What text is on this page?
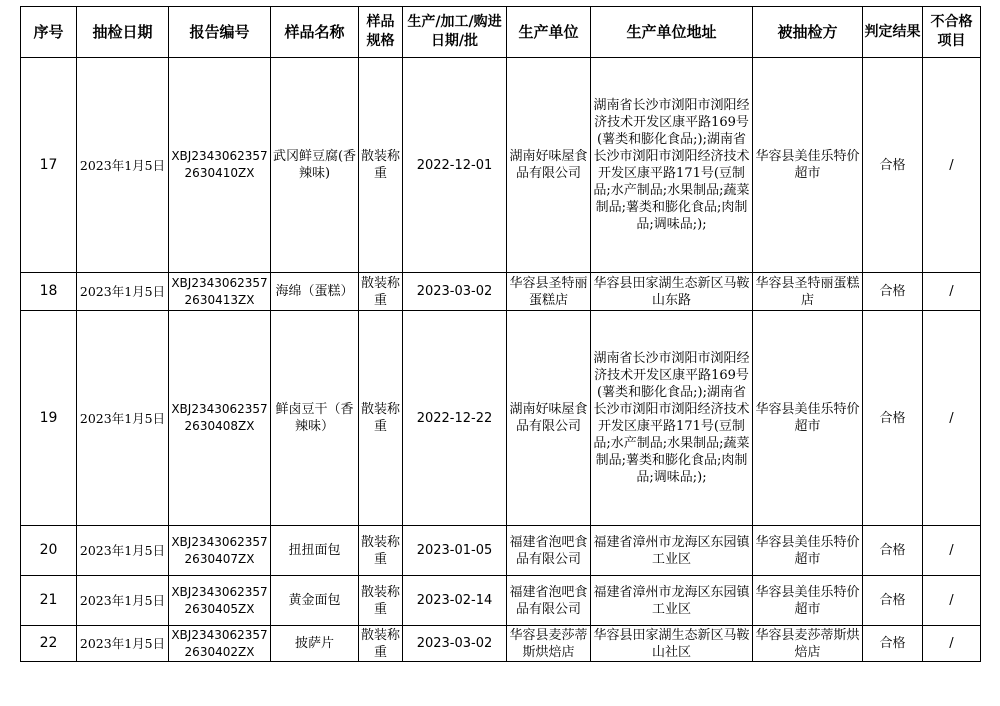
序号	抽检日期	报告编号	样品名称	样品规格	生产/加工/购进日期/批	生产单位	生产单位地址	被抽检方	判定结果	不合格项目
17	2023年1月5日	XBJ23430623572630410ZX	武冈鲜豆腐(香辣味)	散装称重	2022-12-01	湖南好味屋食品有限公司	湖南省长沙市浏阳市浏阳经济技术开发区康平路169号(薯类和膨化食品;);湖南省长沙市浏阳市浏阳经济技术开发区康平路171号(豆制品;水产制品;水果制品;蔬菜制品;薯类和膨化食品;肉制品;调味品;);	华容县美佳乐特价超市	合格	/
18	2023年1月5日	XBJ23430623572630413ZX	海绵（蛋糕）	散装称重	2023-03-02	华容县圣特丽蛋糕店	华容县田家湖生态新区马鞍山东路	华容县圣特丽蛋糕店	合格	/
19	2023年1月5日	XBJ23430623572630408ZX	鲜卤豆干（香辣味）	散装称重	2022-12-22	湖南好味屋食品有限公司	湖南省长沙市浏阳市浏阳经济技术开发区康平路169号(薯类和膨化食品;);湖南省长沙市浏阳市浏阳经济技术开发区康平路171号(豆制品;水产制品;水果制品;蔬菜制品;薯类和膨化食品;肉制品;调味品;);	华容县美佳乐特价超市	合格	/
20	2023年1月5日	XBJ23430623572630407ZX	扭扭面包	散装称重	2023-01-05	福建省泡吧食品有限公司	福建省漳州市龙海区东园镇工业区	华容县美佳乐特价超市	合格	/
21	2023年1月5日	XBJ23430623572630405ZX	黄金面包	散装称重	2023-02-14	福建省泡吧食品有限公司	福建省漳州市龙海区东园镇工业区	华容县美佳乐特价超市	合格	/
22	2023年1月5日	XBJ23430623572630402ZX	披萨片	散装称重	2023-03-02	华容县麦莎蒂斯烘焙店	华容县田家湖生态新区马鞍山社区	华容县麦莎蒂斯烘焙店	合格	/
